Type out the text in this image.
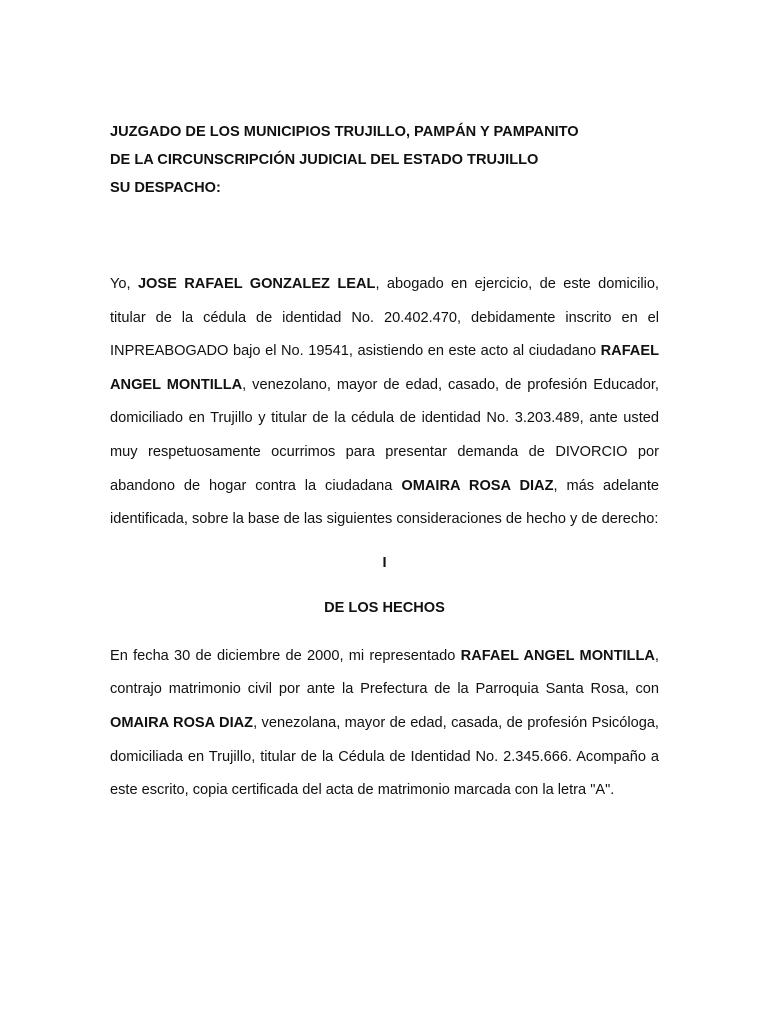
JUZGADO DE LOS MUNICIPIOS TRUJILLO, PAMPÁN Y PAMPANITO
DE LA CIRCUNSCRIPCIÓN JUDICIAL DEL ESTADO TRUJILLO
SU DESPACHO:

Yo, JOSE RAFAEL GONZALEZ LEAL, abogado en ejercicio, de este domicilio, titular de la cédula de identidad No. 20.402.470, debidamente inscrito en el INPREABOGADO bajo el No. 19541, asistiendo en este acto al ciudadano RAFAEL ANGEL MONTILLA, venezolano, mayor de edad, casado, de profesión Educador, domiciliado en Trujillo y titular de la cédula de identidad No. 3.203.489, ante usted muy respetuosamente ocurrimos para presentar demanda de DIVORCIO por abandono de hogar contra la ciudadana OMAIRA ROSA DIAZ, más adelante identificada, sobre la base de las siguientes consideraciones de hecho y de derecho:

I
DE LOS HECHOS

En fecha 30 de diciembre de 2000, mi representado RAFAEL ANGEL MONTILLA, contrajo matrimonio civil por ante la Prefectura de la Parroquia Santa Rosa, con OMAIRA ROSA DIAZ, venezolana, mayor de edad, casada, de profesión Psicóloga, domiciliada en Trujillo, titular de la Cédula de Identidad No. 2.345.666. Acompaño a este escrito, copia certificada del acta de matrimonio marcada con la letra "A".
